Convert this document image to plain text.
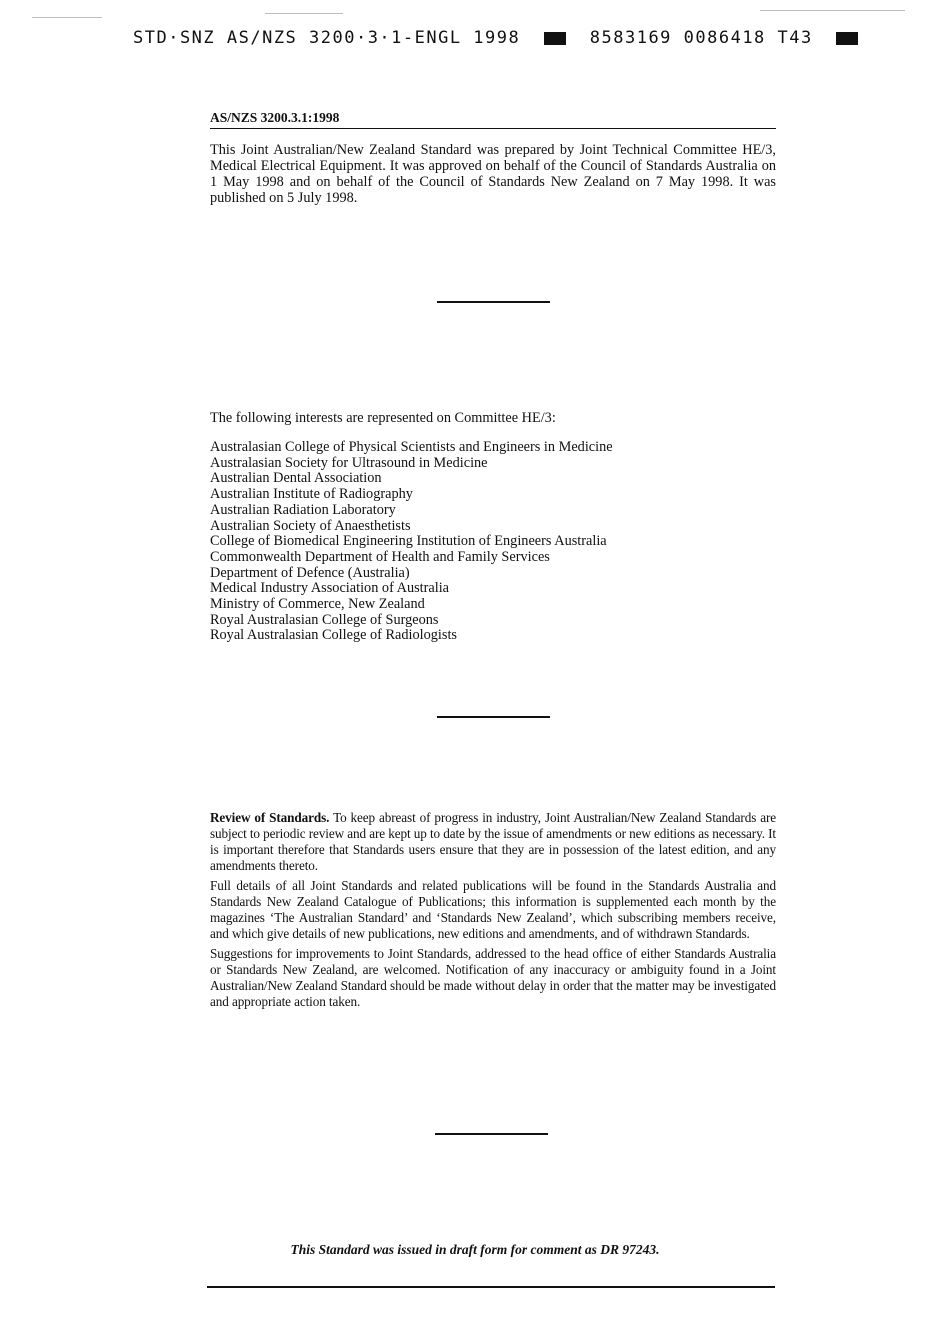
STD·SNZ AS/NZS 3200·3·1-ENGL 1998	8583169 0086418 T43
AS/NZS 3200.3.1:1998

This Joint Australian/New Zealand Standard was prepared by Joint Technical Committee HE/3, Medical Electrical Equipment. It was approved on behalf of the Council of Standards Australia on 1 May 1998 and on behalf of the Council of Standards New Zealand on 7 May 1998. It was published on 5 July 1998.

The following interests are represented on Committee HE/3:

Australasian College of Physical Scientists and Engineers in Medicine
Australasian Society for Ultrasound in Medicine
Australian Dental Association
Australian Institute of Radiography
Australian Radiation Laboratory
Australian Society of Anaesthetists
College of Biomedical Engineering Institution of Engineers Australia
Commonwealth Department of Health and Family Services
Department of Defence (Australia)
Medical Industry Association of Australia
Ministry of Commerce, New Zealand
Royal Australasian College of Surgeons
Royal Australasian College of Radiologists

Review of Standards. To keep abreast of progress in industry, Joint Australian/New Zealand Standards are subject to periodic review and are kept up to date by the issue of amendments or new editions as necessary. It is important therefore that Standards users ensure that they are in possession of the latest edition, and any amendments thereto.

Full details of all Joint Standards and related publications will be found in the Standards Australia and Standards New Zealand Catalogue of Publications; this information is supplemented each month by the magazines ‘The Australian Standard’ and ‘Standards New Zealand’, which subscribing members receive, and which give details of new publications, new editions and amendments, and of withdrawn Standards.

Suggestions for improvements to Joint Standards, addressed to the head office of either Standards Australia or Standards New Zealand, are welcomed. Notification of any inaccuracy or ambiguity found in a Joint Australian/New Zealand Standard should be made without delay in order that the matter may be investigated and appropriate action taken.

This Standard was issued in draft form for comment as DR 97243.
